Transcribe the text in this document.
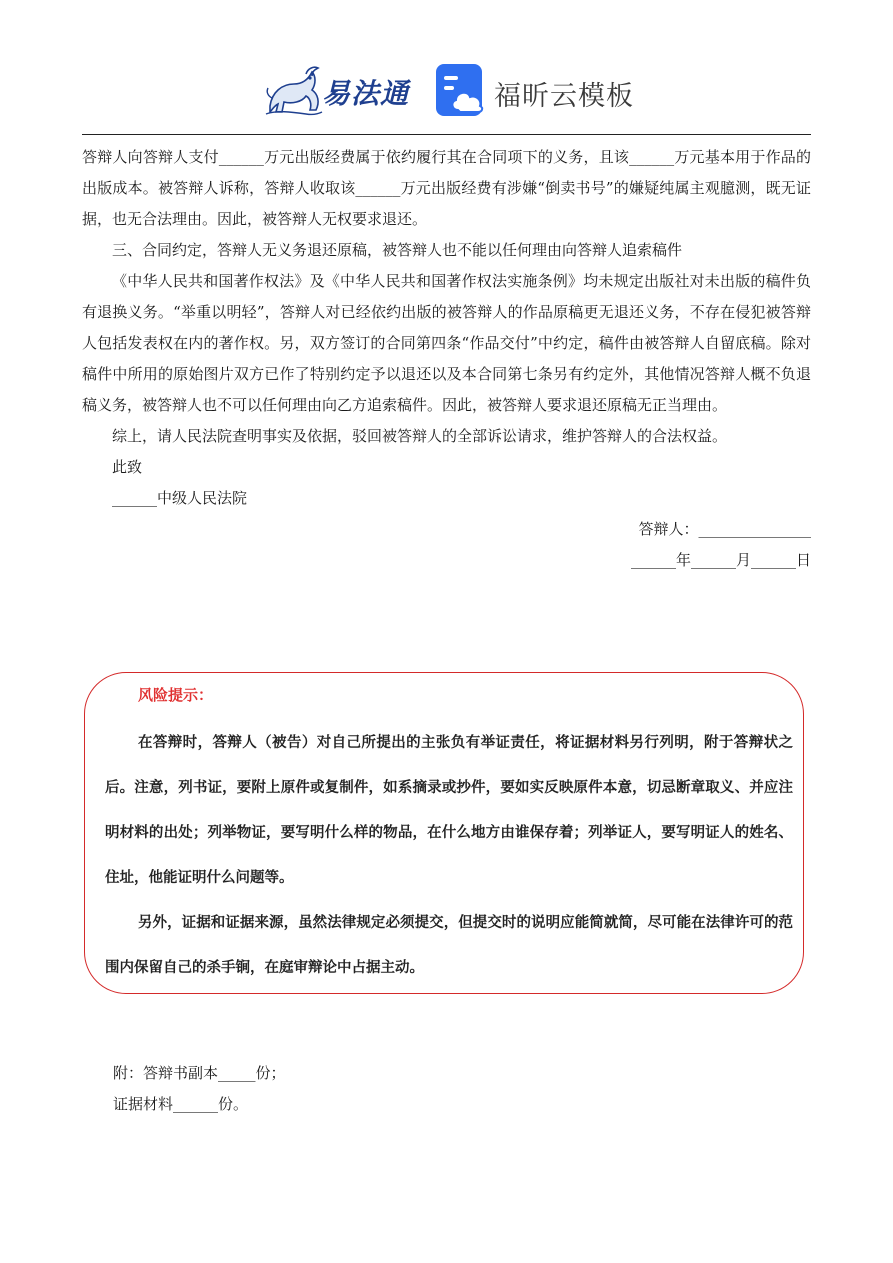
易法通	福昕云模板

答辩人向答辩人支付______万元出版经费属于依约履行其在合同项下的义务，且该______万元基本用于作品的出版成本。被答辩人诉称，答辩人收取该______万元出版经费有涉嫌“倒卖书号”的嫌疑纯属主观臆测，既无证据，也无合法理由。因此，被答辩人无权要求退还。

三、合同约定，答辩人无义务退还原稿，被答辩人也不能以任何理由向答辩人追索稿件

《中华人民共和国著作权法》及《中华人民共和国著作权法实施条例》均未规定出版社对未出版的稿件负有退换义务。“举重以明轻”，答辩人对已经依约出版的被答辩人的作品原稿更无退还义务，不存在侵犯被答辩人包括发表权在内的著作权。另，双方签订的合同第四条“作品交付”中约定，稿件由被答辩人自留底稿。除对稿件中所用的原始图片双方已作了特别约定予以退还以及本合同第七条另有约定外，其他情况答辩人概不负退稿义务，被答辩人也不可以任何理由向乙方追索稿件。因此，被答辩人要求退还原稿无正当理由。

综上，请人民法院查明事实及依据，驳回被答辩人的全部诉讼请求，维护答辩人的合法权益。

此致

______中级人民法院

答辩人：_______________

______年______月______日

风险提示：

在答辩时，答辩人（被告）对自己所提出的主张负有举证责任，将证据材料另行列明，附于答辩状之后。注意，列书证，要附上原件或复制件，如系摘录或抄件，要如实反映原件本意，切忌断章取义、并应注明材料的出处；列举物证，要写明什么样的物品，在什么地方由谁保存着；列举证人，要写明证人的姓名、住址，他能证明什么问题等。

另外，证据和证据来源，虽然法律规定必须提交，但提交时的说明应能简就简，尽可能在法律许可的范围内保留自己的杀手锏，在庭审辩论中占据主动。

附：答辩书副本_____份；

证据材料______份。
